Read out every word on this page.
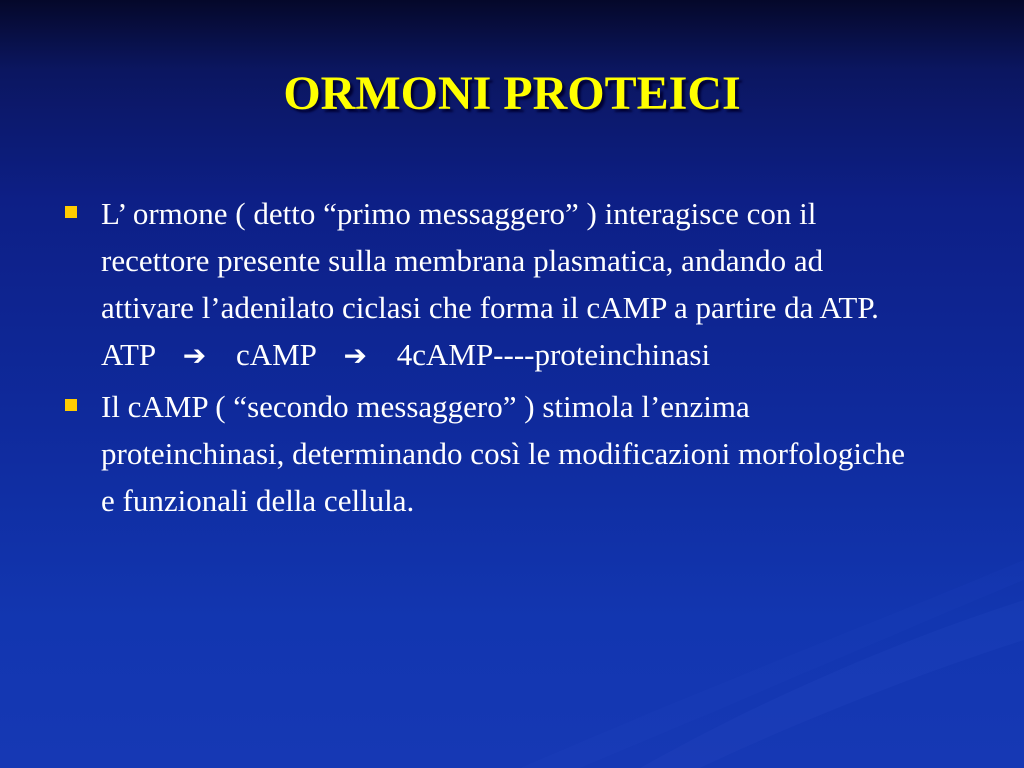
ORMONI PROTEICI
L’ ormone ( detto “primo messaggero” ) interagisce con il recettore presente sulla membrana plasmatica, andando ad attivare l’adenilato ciclasi che forma il cAMP a partire da ATP.
ATP ➔ cAMP ➔ 4cAMP----proteinchinasi
Il cAMP ( “secondo messaggero” ) stimola l’enzima proteinchinasi, determinando così le modificazioni morfologiche e funzionali della cellula.
